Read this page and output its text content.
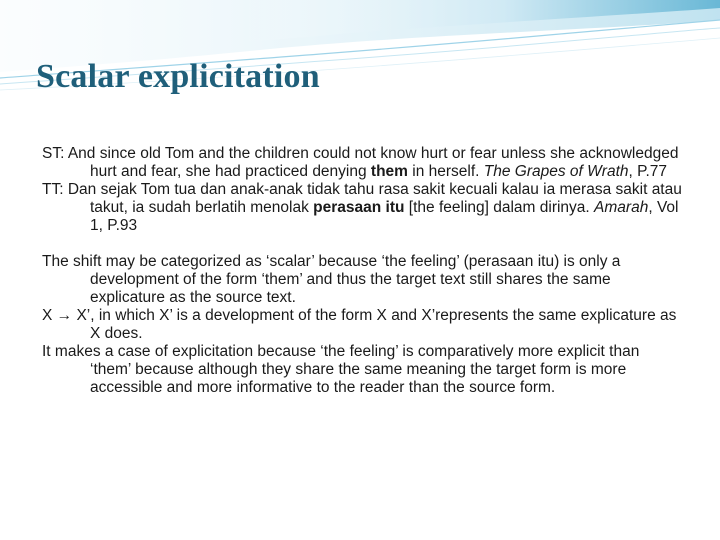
Scalar explicitation

ST: And since old Tom and the children could not know hurt or fear unless she acknowledged hurt and fear, she had practiced denying them in herself. The Grapes of Wrath, P.77

TT: Dan sejak Tom tua dan anak-anak tidak tahu rasa sakit kecuali kalau ia merasa sakit atau takut, ia sudah berlatih menolak perasaan itu [the feeling] dalam dirinya. Amarah, Vol 1, P.93

The shift may be categorized as ‘scalar’ because ‘the feeling’ (perasaan itu) is only a development of the form ‘them’ and thus the target text still shares the same explicature as the source text.

X → X’, in which X’ is a development of the form X and X’represents the same explicature as X does.

It makes a case of explicitation because ‘the feeling’ is comparatively more explicit than ‘them’ because although they share the same meaning the target form is more accessible and more informative to the reader than the source form.
